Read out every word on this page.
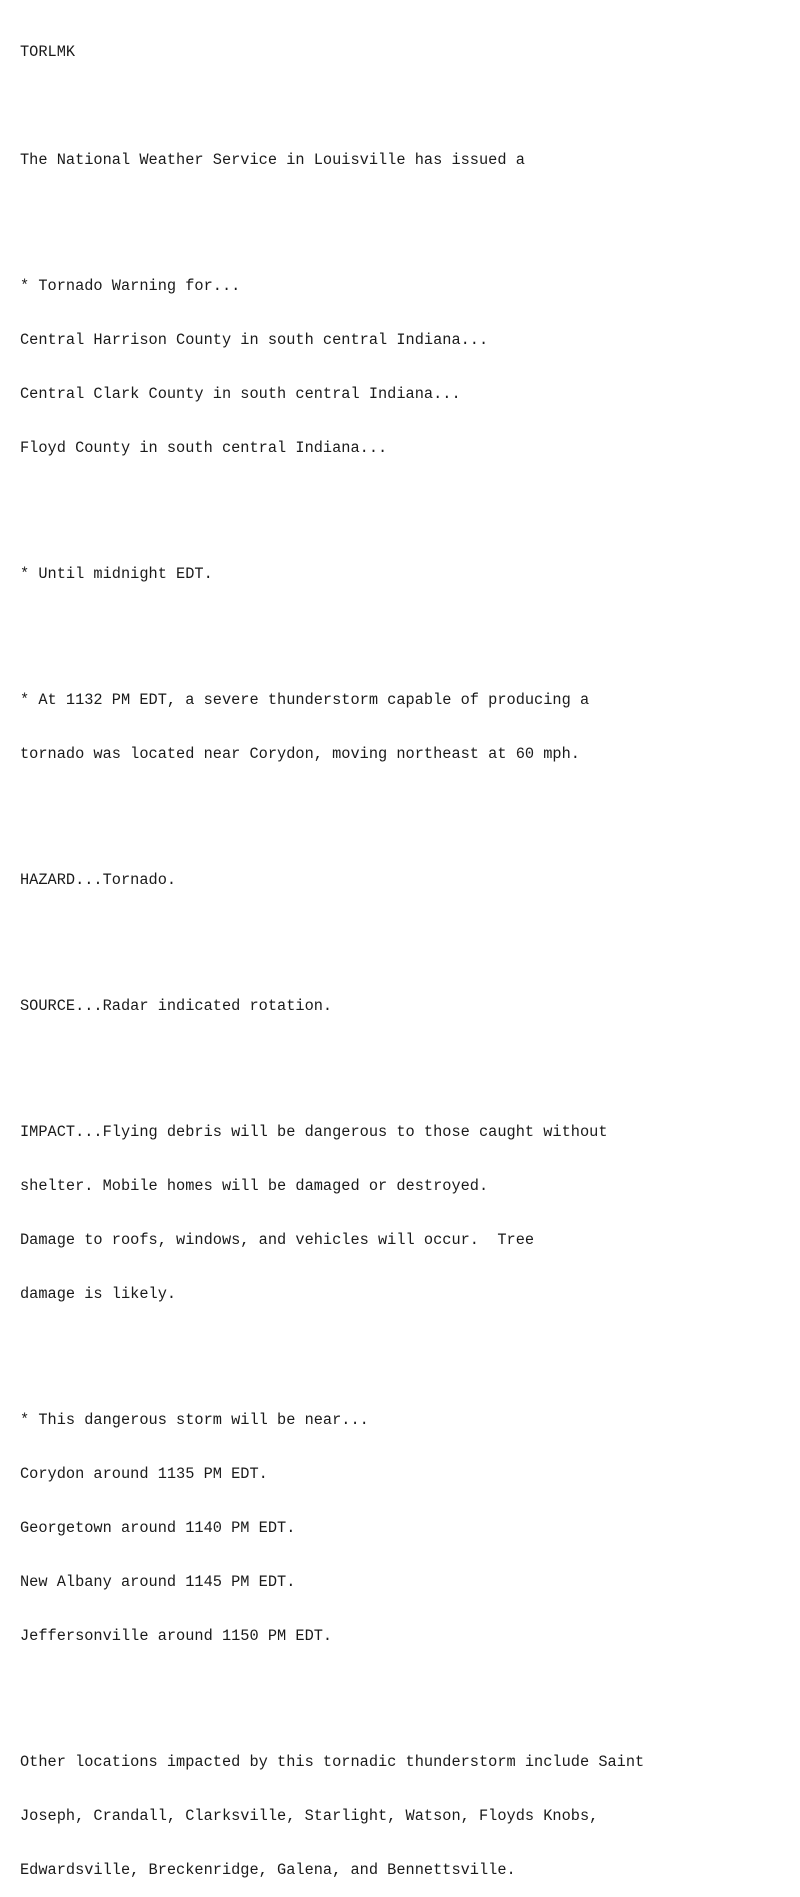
TORLMK

The National Weather Service in Louisville has issued a

* Tornado Warning for...

Central Harrison County in south central Indiana...

Central Clark County in south central Indiana...

Floyd County in south central Indiana...

* Until midnight EDT.

* At 1132 PM EDT, a severe thunderstorm capable of producing a

tornado was located near Corydon, moving northeast at 60 mph.

HAZARD...Tornado.

SOURCE...Radar indicated rotation.

IMPACT...Flying debris will be dangerous to those caught without

shelter. Mobile homes will be damaged or destroyed.

Damage to roofs, windows, and vehicles will occur.  Tree

damage is likely.

* This dangerous storm will be near...

Corydon around 1135 PM EDT.

Georgetown around 1140 PM EDT.

New Albany around 1145 PM EDT.

Jeffersonville around 1150 PM EDT.

Other locations impacted by this tornadic thunderstorm include Saint

Joseph, Crandall, Clarksville, Starlight, Watson, Floyds Knobs,

Edwardsville, Breckenridge, Galena, and Bennettsville.
